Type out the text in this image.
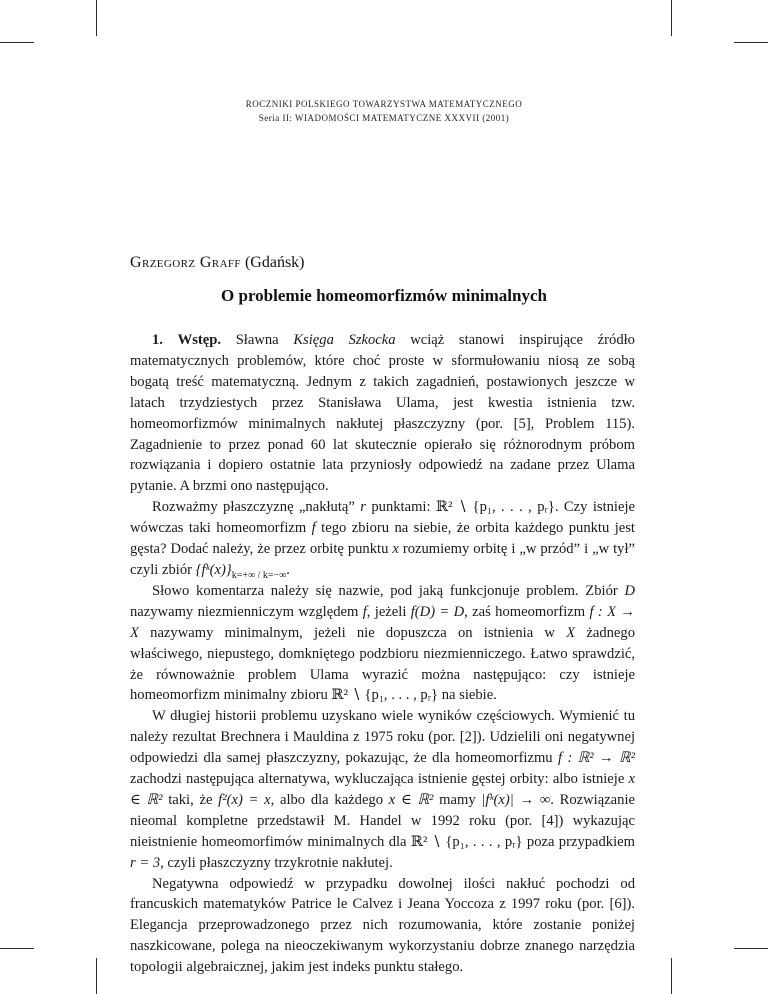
ROCZNIKI POLSKIEGO TOWARZYSTWA MATEMATYCZNEGO
Seria II: WIADOMOŚCI MATEMATYCZNE XXXVII (2001)
Grzegorz Graff (Gdańsk)
O problemie homeomorfizmów minimalnych

1. Wstęp. Sławna Księga Szkocka wciąż stanowi inspirujące źródło matematycznych problemów, które choć proste w sformułowaniu niosą ze sobą bogatą treść matematyczną. Jednym z takich zagadnień, postawionych jeszcze w latach trzydziestych przez Stanisława Ulama, jest kwestia istnienia tzw. homeomorfizmów minimalnych nakłutej płaszczyzny (por. [5], Problem 115). Zagadnienie to przez ponad 60 lat skutecznie opierało się różnorodnym próbom rozwiązania i dopiero ostatnie lata przyniosły odpowiedź na zadane przez Ulama pytanie. A brzmi ono następująco.

Rozważmy płaszczyznę „nakłutą” r punktami: ℝ² ∖ {p₁, . . . , pᵣ}. Czy istnieje wówczas taki homeomorfizm f tego zbioru na siebie, że orbita każdego punktu jest gęsta? Dodać należy, że przez orbitę punktu x rozumiemy orbitę i „w przód” i „w tył” czyli zbiór $\{fᵏ(x)\}_{k=+\infty / k=-\infty}$.

Słowo komentarza należy się nazwie, pod jaką funkcjonuje problem. Zbiór D nazywamy niezmienniczym względem f, jeżeli f(D) = D, zaś homeomorfizm f : X → X nazywamy minimalnym, jeżeli nie dopuszcza on istnienia w X żadnego właściwego, niepustego, domkniętego podzbioru niezmienniczego. Łatwo sprawdzić, że równoważnie problem Ulama wyrazić można następująco: czy istnieje homeomorfizm minimalny zbioru ℝ² ∖ {p₁, . . . , pᵣ} na siebie.

W długiej historii problemu uzyskano wiele wyników częściowych. Wymienić tu należy rezultat Brechnera i Mauldina z 1975 roku (por. [2]). Udzielili oni negatywnej odpowiedzi dla samej płaszczyzny, pokazując, że dla homeomorfizmu f : ℝ² → ℝ² zachodzi następująca alternatywa, wykluczająca istnienie gęstej orbity: albo istnieje x ∈ ℝ² taki, że f²(x) = x, albo dla każdego x ∈ ℝ² mamy |fᵏ(x)| → ∞. Rozwiązanie nieomal kompletne przedstawił M. Handel w 1992 roku (por. [4]) wykazując nieistnienie homeomorfimów minimalnych dla ℝ² ∖ {p₁, . . . , pᵣ} poza przypadkiem r = 3, czyli płaszczyzny trzykrotnie nakłutej.

Negatywna odpowiedź w przypadku dowolnej ilości nakłuć pochodzi od francuskich matematyków Patrice le Calvez i Jeana Yoccoza z 1997 roku (por. [6]). Elegancja przeprowadzonego przez nich rozumowania, które zostanie poniżej naszkicowane, polega na nieoczekiwanym wykorzystaniu dobrze znanego narzędzia topologii algebraicznej, jakim jest indeks punktu stałego.
